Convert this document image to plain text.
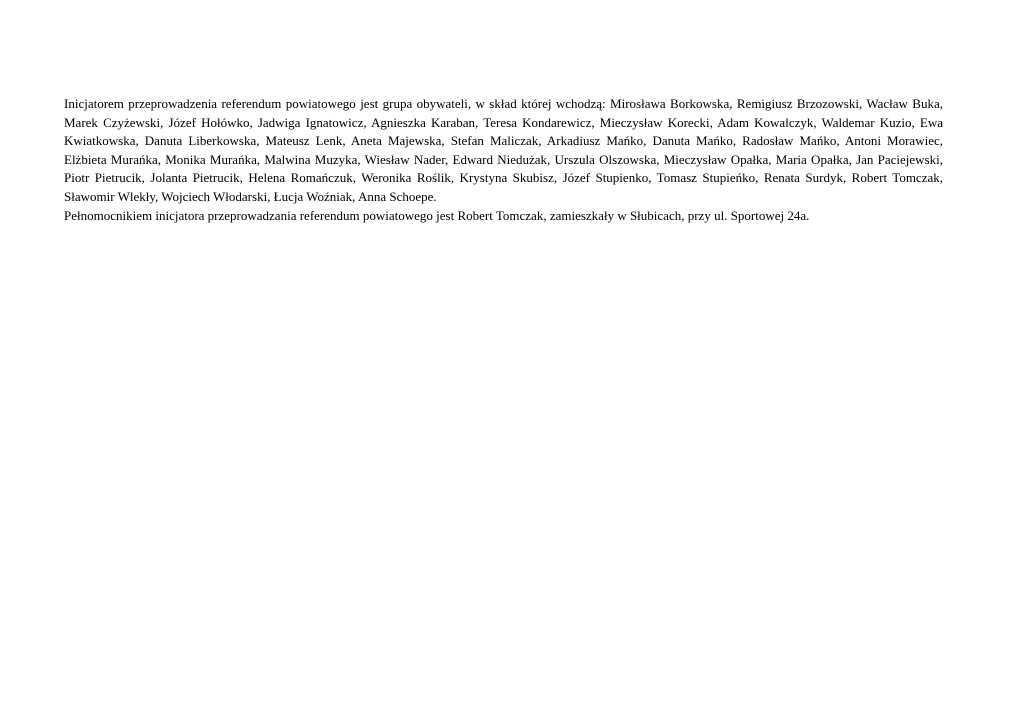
Inicjatorem przeprowadzenia referendum powiatowego jest grupa obywateli, w skład której wchodzą: Mirosława Borkowska, Remigiusz Brzozowski, Wacław Buka, Marek Czyżewski, Józef Hołówko, Jadwiga Ignatowicz, Agnieszka Karaban, Teresa Kondarewicz, Mieczysław Korecki, Adam Kowalczyk, Waldemar Kuzio, Ewa Kwiatkowska, Danuta Liberkowska, Mateusz Lenk, Aneta Majewska, Stefan Maliczak, Arkadiusz Mańko, Danuta Mańko, Radosław Mańko, Antoni Morawiec, Elżbieta Murańka, Monika Murańka, Malwina Muzyka, Wiesław Nader, Edward Niedużak, Urszula Olszowska, Mieczysław Opałka, Maria Opałka, Jan Paciejewski, Piotr Pietrucik, Jolanta Pietrucik, Helena Romańczuk, Weronika Roślik, Krystyna Skubisz, Józef Stupienko, Tomasz Stupieńko, Renata Surdyk, Robert Tomczak, Sławomir Wlekły, Wojciech Włodarski, Łucja Woźniak, Anna Schoepe.

Pełnomocnikiem inicjatora przeprowadzania referendum powiatowego jest Robert Tomczak, zamieszkały w Słubicach, przy ul. Sportowej 24a.
